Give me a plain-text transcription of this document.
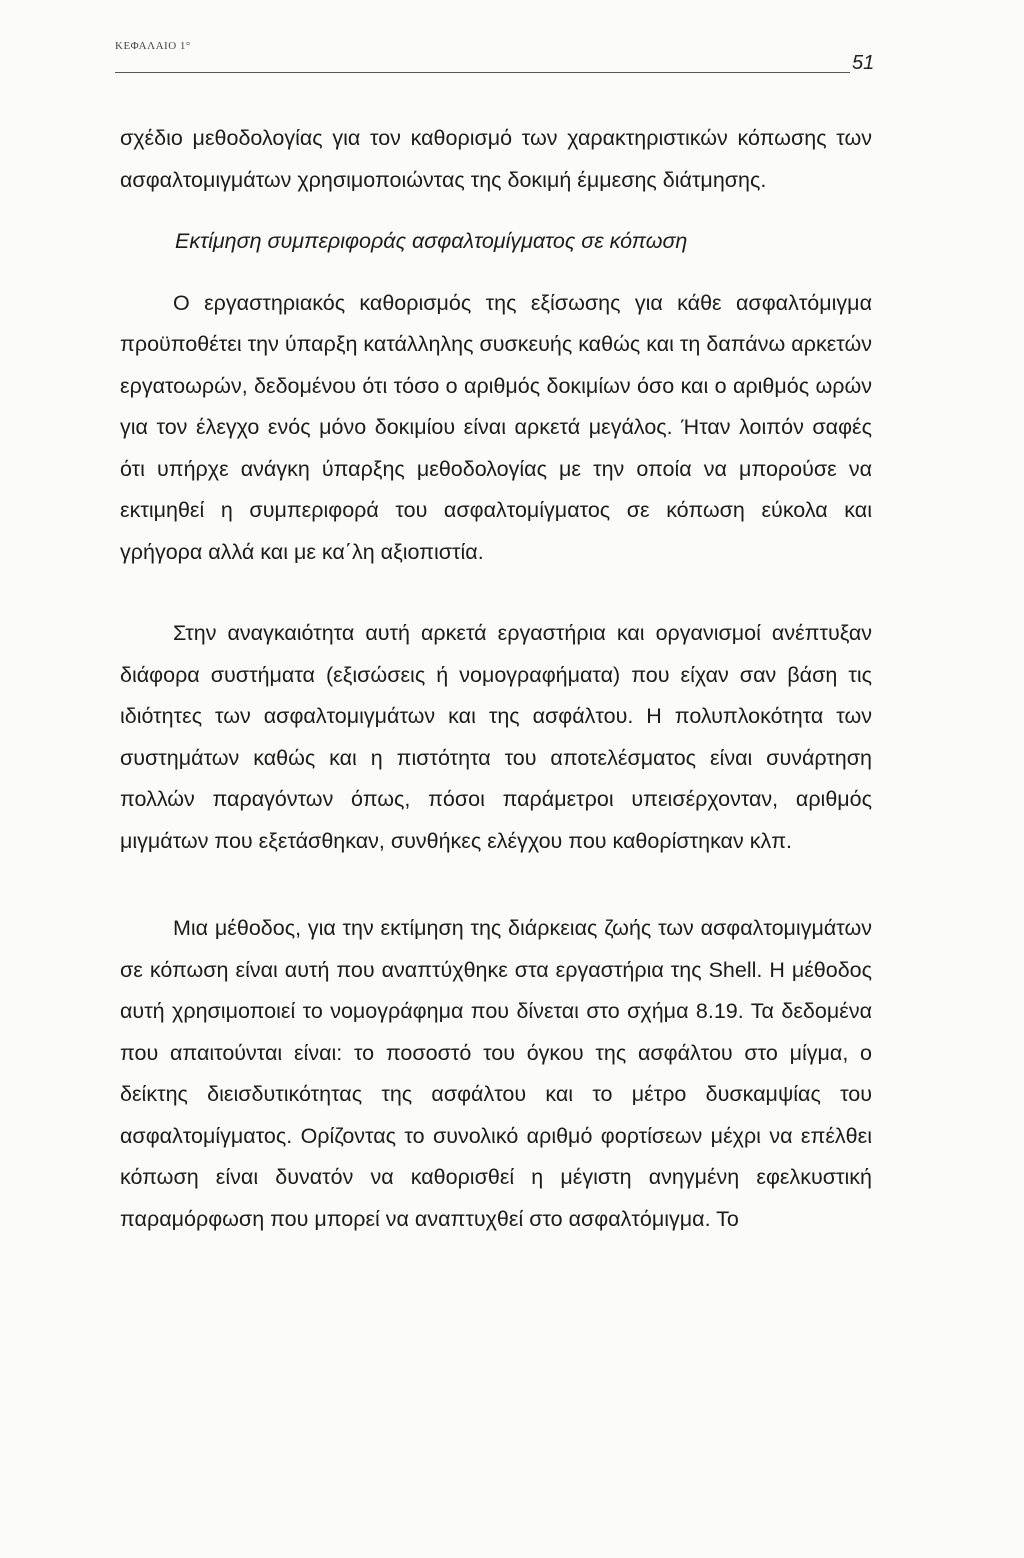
ΚΕΦΑΛΑΙΟ 1°
51

σχέδιο μεθοδολογίας για τον καθορισμό των χαρακτηριστικών κόπωσης των ασφαλτομιγμάτων χρησιμοποιώντας της δοκιμή έμμεσης διάτμησης.

Εκτίμηση συμπεριφοράς ασφαλτομίγματος σε κόπωση

Ο εργαστηριακός καθορισμός της εξίσωσης για κάθε ασφαλτόμιγμα προϋποθέτει την ύπαρξη κατάλληλης συσκευής καθώς και τη δαπάνω αρκετών εργατοωρών, δεδομένου ότι τόσο ο αριθμός δοκιμίων όσο και ο αριθμός ωρών για τον έλεγχο ενός μόνο δοκιμίου είναι αρκετά μεγάλος. Ήταν λοιπόν σαφές ότι υπήρχε ανάγκη ύπαρξης μεθοδολογίας με την οποία να μπορούσε να εκτιμηθεί η συμπεριφορά του ασφαλτομίγματος σε κόπωση εύκολα και γρήγορα αλλά και με κα΄λη αξιοπιστία.

Στην αναγκαιότητα αυτή αρκετά εργαστήρια και οργανισμοί ανέπτυξαν διάφορα συστήματα (εξισώσεις ή νομογραφήματα) που είχαν σαν βάση τις ιδιότητες των ασφαλτομιγμάτων και της ασφάλτου. Η πολυπλοκότητα των συστημάτων καθώς και η πιστότητα του αποτελέσματος είναι συνάρτηση πολλών παραγόντων όπως, πόσοι παράμετροι υπεισέρχονταν, αριθμός μιγμάτων που εξετάσθηκαν, συνθήκες ελέγχου που καθορίστηκαν κλπ.

Μια μέθοδος, για την εκτίμηση της διάρκειας ζωής των ασφαλτομιγμάτων σε κόπωση είναι αυτή που αναπτύχθηκε στα εργαστήρια της Shell. Η μέθοδος αυτή χρησιμοποιεί το νομογράφημα που δίνεται στο σχήμα 8.19. Τα δεδομένα που απαιτούνται είναι: το ποσοστό του όγκου της ασφάλτου στο μίγμα, ο δείκτης διεισδυτικότητας της ασφάλτου και το μέτρο δυσκαμψίας του ασφαλτομίγματος. Ορίζοντας το συνολικό αριθμό φορτίσεων μέχρι να επέλθει κόπωση είναι δυνατόν να καθορισθεί η μέγιστη ανηγμένη εφελκυστική παραμόρφωση που μπορεί να αναπτυχθεί στο ασφαλτόμιγμα. Το
